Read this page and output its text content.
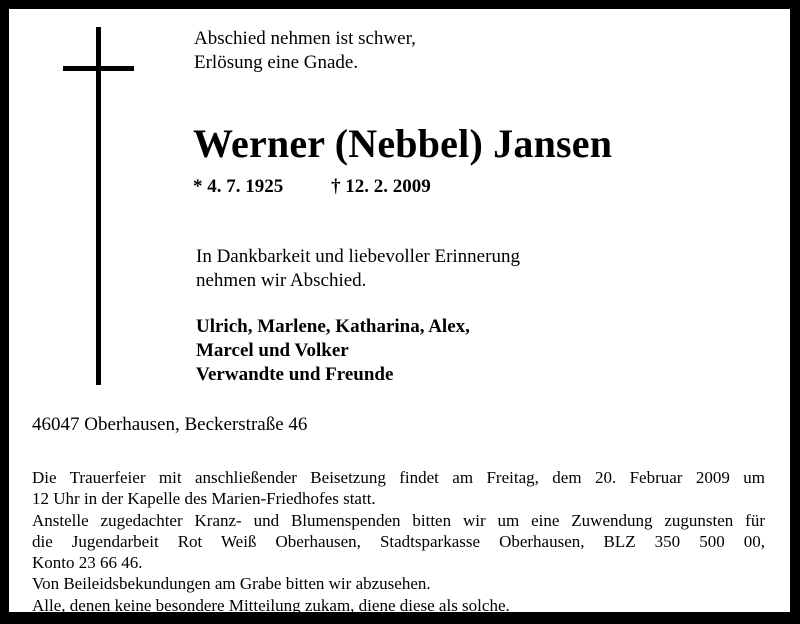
Abschied nehmen ist schwer,
Erlösung eine Gnade.
Werner (Nebbel) Jansen
* 4. 7. 1925	† 12. 2. 2009
In Dankbarkeit und liebevoller Erinnerung
nehmen wir Abschied.
Ulrich, Marlene, Katharina, Alex,
Marcel und Volker
Verwandte und Freunde
46047 Oberhausen, Beckerstraße 46
Die Trauerfeier mit anschließender Beisetzung findet am Freitag, dem 20. Februar 2009 um
12 Uhr in der Kapelle des Marien-Friedhofes statt.
Anstelle zugedachter Kranz- und Blumenspenden bitten wir um eine Zuwendung zugunsten für
die Jugendarbeit Rot Weiß Oberhausen, Stadtsparkasse Oberhausen, BLZ 350 500 00,
Konto 23 66 46.
Von Beileidsbekundungen am Grabe bitten wir abzusehen.
Alle, denen keine besondere Mitteilung zukam, diene diese als solche.
